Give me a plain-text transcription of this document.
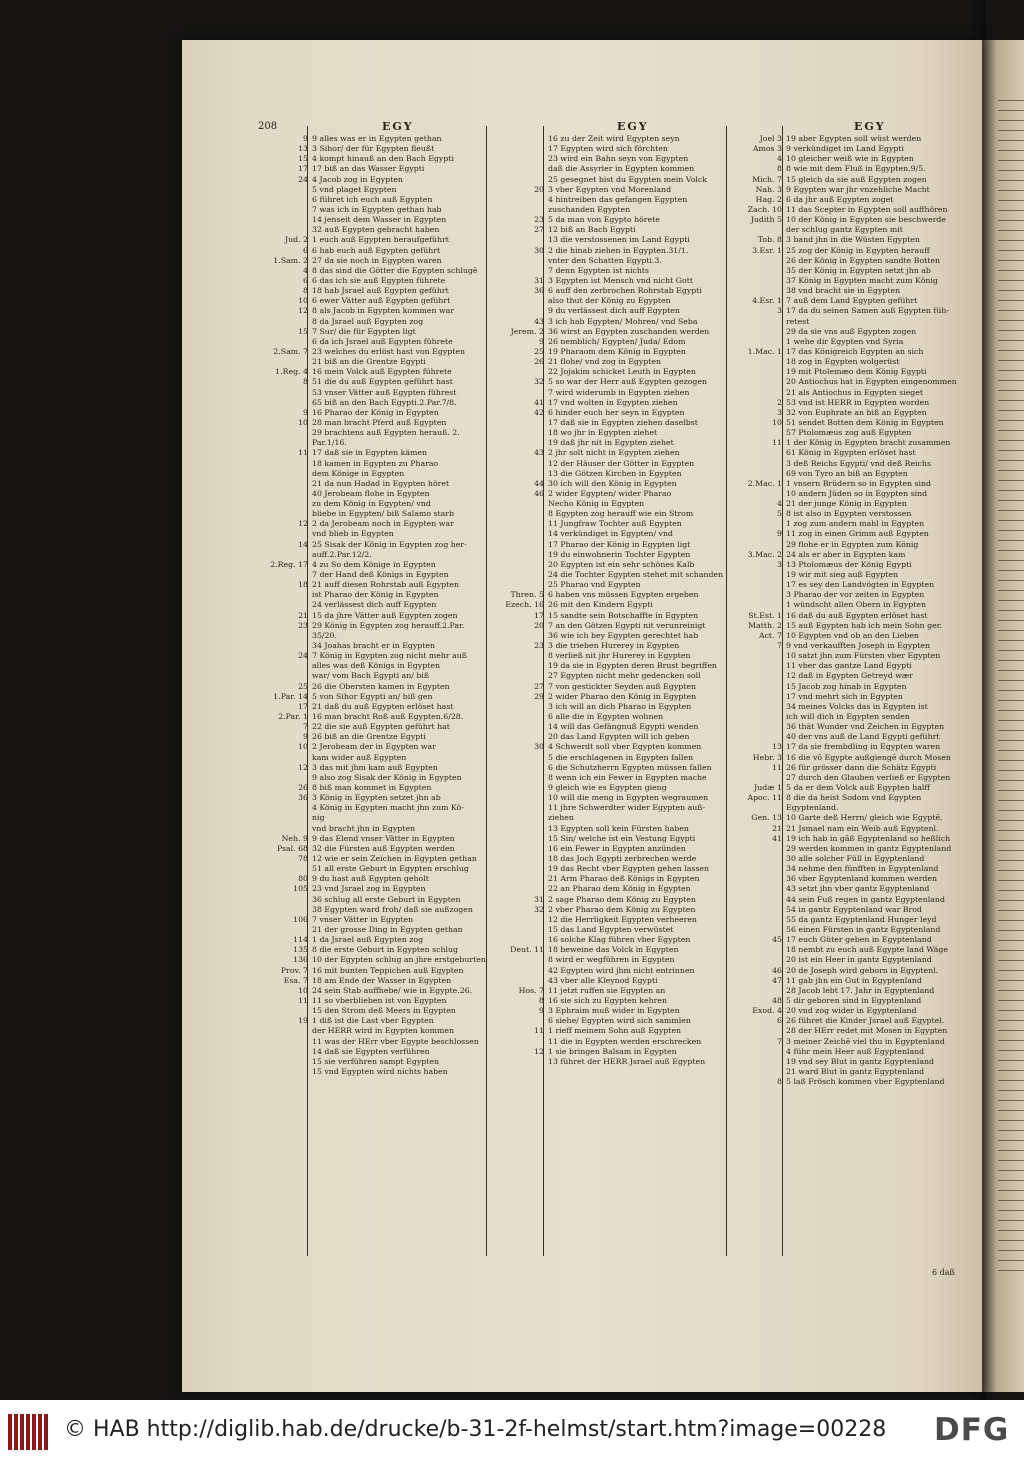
208	EGY	EGY	EGY
9 9 alles was er in Egypten gethan
13 3 Sihor/ der für Egypten fleußt
15 4 kompt hinauß an den Bach Egypti
17 17 biß an das Wasser Egypti
24 4 Jacob zog in Egypten
5 vnd plaget Egypten
6 führet ich euch auß Egypten
7 was ich in Egypten gethan hab
14 jenseit dem Wasser in Egypten
32 auß Egypten gebracht haben
Jud. 2 1 euch auß Egypten heraufgeführt
6 6 hab euch auß Egypten geführt
1.Sam. 2 27 da sie noch in Egypten waren
4 8 das sind die Götter die Egypten schlugē
6 6 das ich sie auß Egypten führete
8 18 hab Jsrael auß Egypten geführt
10 6 ewer Vätter auß Egypten geführt
12 8 als Jacob in Egypten kommen war
8 da Jsrael auß Egypten zog
15 7 Sur/ die für Egypten ligt
6 da ich Jsrael auß Egypten führete
2.Sam. 7 23 welches du erlöst hast von Egypten
21 biß an die Grentze Egypti
1.Reg. 4 16 mein Volck auß Egypten führete
8 51 die du auß Egypten geführt hast
53 vnser Vätter auß Egypten führest
65 biß an den Bach Egypti.2.Par.7/8.
9 16 Pharao der König in Egypten
10 28 man bracht Pferd auß Egypten
29 brachtens auß Egypten herauß. 2.
Par.1/16.
11 17 daß sie in Egypten kämen
18 kamen in Egypten zu Pharao
dem Könige in Egypten
21 da nun Hadad in Egypten höret
40 Jerobeam flohe in Egypten
zu dem König in Egypten/ vnd
bliebe in Egypten/ biß Salamo starb
12 2 da Jerobeam noch in Egypten war
vnd blieb in Egypten
14 25 Sisak der König in Egypten zog her-
auff.2.Par.12/2.
2.Reg. 17 4 zu So dem Könige in Egypten
7 der Hand deß Königs in Egypten
18 21 auff diesen Rohrstab auß Egypten
ist Pharao der König in Egypten
24 verlässest dich auff Egypten
21 15 da jhre Vätter auß Egypten zogen
23 29 König in Egypten zog herauff.2.Par.
35/20.
34 Joahas bracht er in Egypten
24 7 König in Egypten zog nicht mehr auß
alles was deß Königs in Egypten
war/ vom Bach Egypti an/ biß
25 26 die Obersten kamen in Egypten
1.Par. 14 5 von Sihor Egypti an/ biß gen
17 21 daß du auß Egypten erlöset hast
2.Par. 1 16 man bracht Roß auß Egypten.6/28.
7 22 die sie auß Egypten geführt hat
9 26 biß an die Grentze Egypti
10 2 Jerobeam der in Egypten war
kam wider auß Egypten
12 3 das mit jhm kam auß Egypten
9 also zog Sisak der König in Egypten
26 8 biß man kommet in Egypten
36 3 König in Egypten setzet jhn ab
4 König in Egypten macht jhn zum Kö-
nig
vnd bracht jhn in Egypten
Neh. 9 9 das Elend vnser Vätter in Egypten
Psal. 68 32 die Fürsten auß Egypten werden
78 12 wie er sein Zeichen in Egypten gethan
51 all erste Geburt in Egypten erschlug
80 9 du hast auß Egypten geholt
105 23 vnd Jsrael zog in Egypten
36 schlug all erste Geburt in Egypten
38 Egypten ward froh/ daß sie außzogen
106 7 vnser Vätter in Egypten
21 der grosse Ding in Egypten gethan
114 1 da Jsrael auß Egypten zog
135 8 die erste Geburt in Egypten schlug
136 10 der Egypten schlug an jhre erstgeburten
Prov. 7 16 mit bunten Teppichen auß Egypten
Esa. 7 18 am Ende der Wasser in Egypten
10 24 sein Stab auffhebe/ wie in Egypte.26.
11 11 so vberblieben ist von Egypten
15 den Strom deß Meers in Egypten
19 1 diß ist die Last vber Egypten
der HERR wird in Egypten kommen
11 was der HErr vber Egypte beschlossen
14 daß sie Egypten verführen
15 sie verführen sampt Egypten
15 vnd Egypten wird nichts haben
16 zu der Zeit wird Egypten seyn
17 Egypten wird sich förchten
23 wird ein Bahn seyn von Egypten
daß die Assyrier in Egypten kommen
25 gesegnet bist du Egypten mein Volck
20 3 vber Egypten vnd Morenland
4 hintreiben das gefangen Egypten
zuschanden Egypten
23 5 da man von Egypto hörete
27 12 biß an Bach Egypti
13 die verstossenen im Land Egypti
30 2 die hinab ziehen in Egypten.31/1.
vnter den Schatten Egypti.3.
7 denn Egypten ist nichts
31 3 Egypten ist Mensch vnd nicht Gott
36 6 auff den zerbrochen Rohrstab Egypti
also thut der König zu Egypten
9 du verlässest dich auff Egypten
43 3 ich hab Egypten/ Mohren/ vnd Seba
Jerem. 2 36 wirst an Egypten zuschanden werden
9 26 nemblich/ Egypten/ Juda/ Edom
25 19 Pharaom dem König in Egypten
26 21 flohe/ vnd zog in Egypten
22 Jojakim schicket Leuth in Egypten
32 5 so war der Herr auß Egypten gezogen
7 wird widerumb in Egypten ziehen
41 17 vnd wolten in Egypten ziehen
42 6 hinder euch her seyn in Egypten
17 daß sie in Egypten ziehen daselbst
18 wo jhr in Egypten ziehet
19 daß jhr nit in Egypten ziehet
43 2 jhr solt nicht in Egypten ziehen
12 der Häuser der Götter in Egypten
13 die Götzen Kirchen in Egypten
44 30 ich will den König in Egypten
46 2 wider Egypten/ wider Pharao
Necho König in Egypten
8 Egypten zog herauff wie ein Strom
11 Jungfraw Tochter auß Egypten
14 verkündiget in Egypten/ vnd
17 Pharao der König in Egypten ligt
19 du einwohnerin Tochter Egypten
20 Egypten ist ein sehr schönes Kalb
24 die Tochter Egypten stehet mit schanden
25 Pharao vnd Egypten
Thren. 5 6 haben vns müssen Egypten ergeben
Ezech. 16 26 mit den Kindern Egypti
17 15 sandte sein Botschaffte in Egypten
20 7 an den Götzen Egypti nit verunreinigt
36 wie ich bey Egypten gerechtet hab
23 3 die trieben Hurerey in Egypten
8 verließ nit jhr Hurerey in Egypten
19 da sie in Egypten deren Brust begriffen
27 Egypten nicht mehr gedencken soll
27 7 von gestickter Seyden auß Egypten
29 2 wider Pharao den König in Egypten
3 ich will an dich Pharao in Egypten
6 alle die in Egypten wohnen
14 will das Gefängnuß Egypti wenden
20 das Land Egypten will ich geben
30 4 Schwerdt soll vber Egypten kommen
5 die erschlagenen in Egypten fallen
6 die Schutzherrn Egypten müssen fallen
8 wenn ich ein Fewer in Egypten mache
9 gleich wie es Egypten gieng
10 will die meng in Egypten wegraumen
11 jhre Schwerdter wider Egypten auß-
ziehen
13 Egypten soll kein Fürsten haben
15 Sin/ welche ist ein Vestung Egypti
16 ein Fewer in Egypten anzünden
18 das Joch Egypti zerbrechen werde
19 das Recht vber Egypten gehen lassen
21 Arm Pharao deß Königs in Egypten
22 an Pharao dem König in Egypten
31 2 sage Pharao dem König zu Egypten
32 2 vber Pharao dem König zu Egypten
12 die Herrligkeit Egypten verheeren
15 das Land Egypten verwüstet
16 solche Klag führen vber Egypten
Deut. 11 18 beweine das Volck in Egypten
8 wird er wegführen in Egypten
42 Egypten wird jhm nicht entrinnen
43 vber alle Kleynod Egypti
Hos. 7 11 jetzt ruffen sie Egypten an
8 16 sie sich zu Egypten kehren
9 3 Ephraim muß wider in Egypten
6 siehe/ Egypten wird sich sammlen
11 1 rieff meinem Sohn auß Egypten
11 die in Egypten werden erschrecken
12 1 sie bringen Balsam in Egypten
13 führet der HERR Jsrael auß Egypten
Joel 3 19 aber Egypten soll wüst werden
Amos 3 9 verkündiget im Land Egypti
4 10 gleicher weiß wie in Egypten
8 8 wie mit dem Fluß in Egypten.9/5.
Mich. 7 15 gleich da sie auß Egypten zogen
Nah. 3 9 Egypten war jhr vnzehliche Macht
Hag. 2 6 da jhr auß Egypten zoget
Zach. 10 11 das Scepter in Egypten soll auffhören
Judith 5 10 der König in Egypten sie beschwerde
der schlug gantz Egypten mit
Tob. 8 3 band jhn in die Wüsten Egypten
3.Esr. 1 25 zog der König in Egypten herauff
26 der König in Egypten sandte Botten
35 der König in Egypten setzt jhn ab
37 König in Egypten macht zum König
38 vnd bracht sie in Egypten
4.Esr. 1 7 auß dem Land Egypten geführt
3 17 da du seinen Samen auß Egypten füh-
retest
29 da sie vns auß Egypten zogen
1 wehe dir Egypten vnd Syria
1.Mac. 1 17 das Königreich Egypten an sich
18 zog in Egypten wolgerüst
19 mit Ptolemæo dem König Egypti
20 Antiochus hat in Egypten eingenommen
21 als Antiochus in Egypten sieget
2 53 vnd ist HERR in Egypten worden
3 32 von Euphrate an biß an Egypten
10 51 sendet Botten dem König in Egypten
57 Ptolomæus zog auß Egypten
11 1 der König in Egypten bracht zusammen
61 König in Egypten erlöset hast
3 deß Reichs Egypti/ vnd deß Reichs
69 von Tyro an biß an Egypten
2.Mac. 1 1 vnsern Brüdern so in Egypten sind
10 andern Jüden so in Egypten sind
4 21 der junge König in Egypten
5 8 ist also in Egypten verstossen
1 zog zum andern mahl in Egypten
9 11 zog in einen Grimm auß Egypten
29 flohe er in Egypten zum König
3.Mac. 2 24 als er aber in Egypten kam
3 13 Ptolomæus der König Egypti
19 wir mit sieg auß Egypten
17 es sey den Landvögten in Egypten
3 Pharao der vor zeiten in Egypten
1 wündscht allen Obern in Egypten
St.Est. 1 16 daß du auß Egypten erlöset hast
Matth. 2 15 auß Egypten hab ich mein Sohn ger.
Act. 7 10 Egypten vnd ob an den Lieben
7 9 vnd verkaufften Joseph in Egypten
10 satzt jhn zum Fürsten vber Egypten
11 vber das gantze Land Egypti
12 daß in Egypten Getreyd wær
15 Jacob zog hinab in Egypten
17 vnd mehrt sich in Egypten
34 meines Volcks das in Egypten ist
ich will dich in Egypten senden
36 thät Wunder vnd Zeichen in Egypten
40 der vns auß de Land Egypti geführt
13 17 da sie frembdling in Egypten waren
Hebr. 3 16 die võ Egypte außgiengē durch Mosen
11 26 für grösser dann die Schätz Egypti
27 durch den Glauben verließ er Egypten
Judæ 1 5 da er dem Volck auß Egypten halff
Apoc. 11 8 die da heist Sodom vnd Egypten
Egyptenland.
Gen. 13 10 Garte deß Herrn/ gleich wie Egyptē.
21 21 Jsmael nam ein Weib auß Egyptenl.
41 19 ich hab in gãß Egyptenland so heßlich
29 werden kommen in gantz Egyptenland
30 alle solcher Füll in Egyptenland
34 nehme den fünfften in Egyptenland
36 vber Egyptenland kommen werden
43 setzt jhn vber gantz Egyptenland
44 sein Fuß regen in gantz Egyptenland
54 in gantz Egyptenland war Brod
55 da gantz Egyptenland Hunger leyd
56 einen Fürsten in gantz Egyptenland
45 17 euch Güter geben in Egyptenland
18 nembt zu euch auß Egypte land Wäge
20 ist ein Heer in gantz Egyptenland
46 20 de Joseph wird geborn in Egyptenl.
47 11 gab jhn ein Gut in Egyptenland
28 Jacob lebt 17. Jahr in Egyptenland
48 5 dir geboren sind in Egyptenland
Exod. 4 20 vnd zog wider in Egyptenland
6 26 führet die Kinder Jsrael auß Egyptel.
28 der HErr redet mit Mosen in Egypten
7 3 meiner Zeichē viel thu in Egyptenland
4 führ mein Heer auß Egyptenland
19 vnd sey Blut in gantz Egyptenland
21 ward Blut in gantz Egyptenland
8 5 laß Frösch kommen vber Egyptenland
6 daß
© HAB http://diglib.hab.de/drucke/b-31-2f-helmst/start.htm?image=00228 DFG
